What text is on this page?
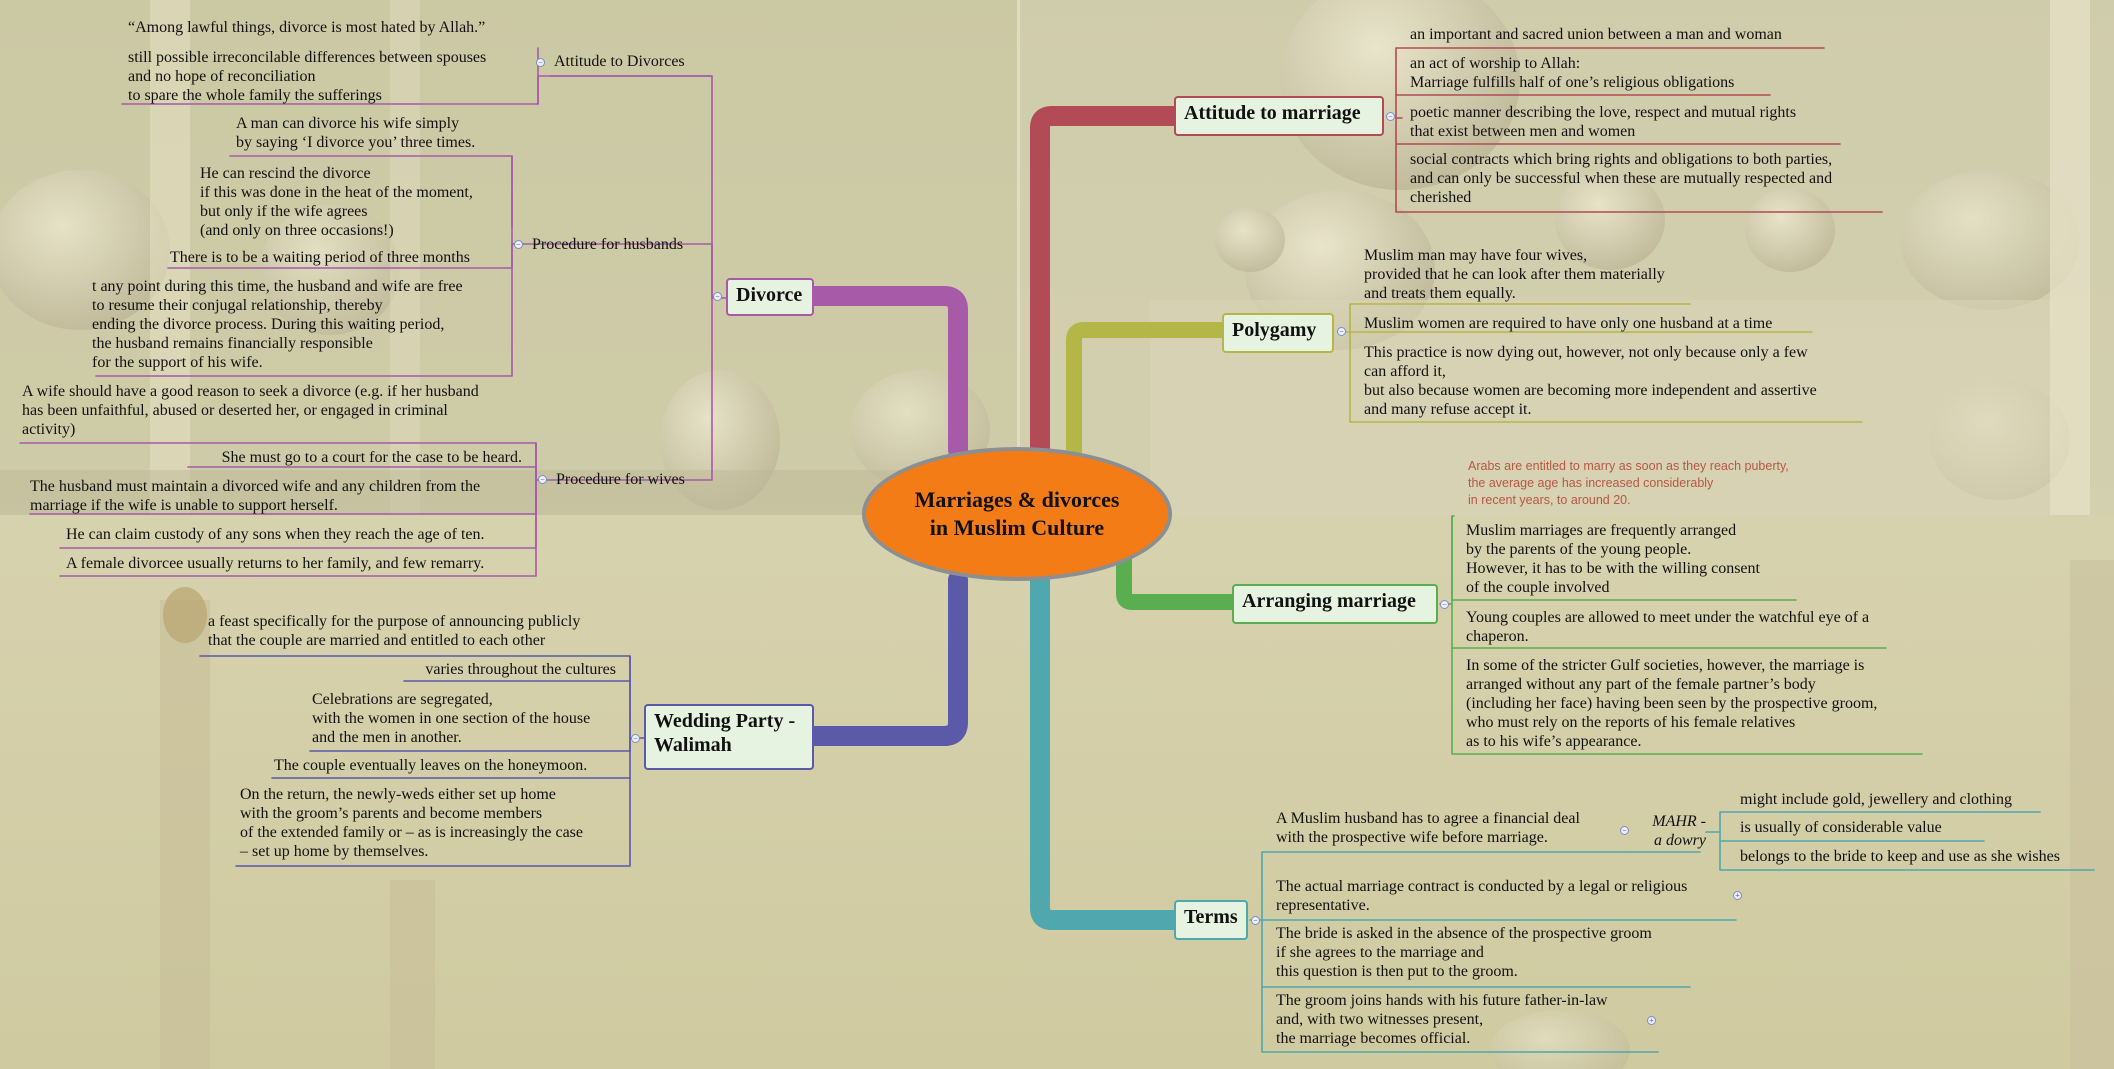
Marriages & divorces
in Muslim Culture
Divorce
−
Attitude to Divorces
−
“Among lawful things, divorce is most hated by Allah.”
still possible irreconcilable differences between spouses
and no hope of reconciliation
to spare the whole family the sufferings
Procedure for husbands
−
A man can divorce his wife simply
by saying ‘I divorce you’ three times.
He can rescind the divorce
if this was done in the heat of the moment,
but only if the wife agrees
(and only on three occasions!)
There is to be a waiting period of three months
t any point during this time, the husband and wife are free
to resume their conjugal relationship, thereby
ending the divorce process. During this waiting period,
the husband remains financially responsible
for the support of his wife.
Procedure for wives
−
A wife should have a good reason to seek a divorce (e.g. if her husband
has been unfaithful, abused or deserted her, or engaged in criminal
activity)
She must go to a court for the case to be heard.
The husband must maintain a divorced wife and any children from the
marriage if the wife is unable to support herself.
He can claim custody of any sons when they reach the age of ten.
A female divorcee usually returns to her family, and few remarry.
Wedding Party -
Walimah
−
a feast specifically for the purpose of announcing publicly
that the couple are married and entitled to each other
varies throughout the cultures
Celebrations are segregated,
with the women in one section of the house
and the men in another.
The couple eventually leaves on the honeymoon.
On the return, the newly-weds either set up home
with the groom’s parents and become members
of the extended family or – as is increasingly the case
– set up home by themselves.
Attitude to marriage	−
an important and sacred union between a man and woman
an act of worship to Allah:
Marriage fulfills half of one’s religious obligations
poetic manner describing the love, respect and mutual rights
that exist between men and women
social contracts which bring rights and obligations to both parties,
and can only be successful when these are mutually respected and
cherished
Polygamy	−
Muslim man may have four wives,
provided that he can look after them materially
and treats them equally.
Muslim women are required to have only one husband at a time
This practice is now dying out, however, not only because only a few
can afford it,
but also because women are becoming more independent and assertive
and many refuse accept it.
Arranging marriage	−
Arabs are entitled to marry as soon as they reach puberty,
the average age has increased considerably
in recent years, to around 20.
Muslim marriages are frequently arranged
by the parents of the young people.
However, it has to be with the willing consent
of the couple involved
Young couples are allowed to meet under the watchful eye of a
chaperon.
In some of the stricter Gulf societies, however, the marriage is
arranged without any part of the female partner’s body
(including her face) having been seen by the prospective groom,
who must rely on the reports of his female relatives
as to his wife’s appearance.
Terms	−
A Muslim husband has to agree a financial deal
with the prospective wife before marriage.
MAHR -
a dowry
−
might include gold, jewellery and clothing
is usually of considerable value
belongs to the bride to keep and use as she wishes
The actual marriage contract is conducted by a legal or religious
representative.
+
The bride is asked in the absence of the prospective groom
if she agrees to the marriage and
this question is then put to the groom.
The groom joins hands with his future father-in-law
and, with two witnesses present,
the marriage becomes official.
+
